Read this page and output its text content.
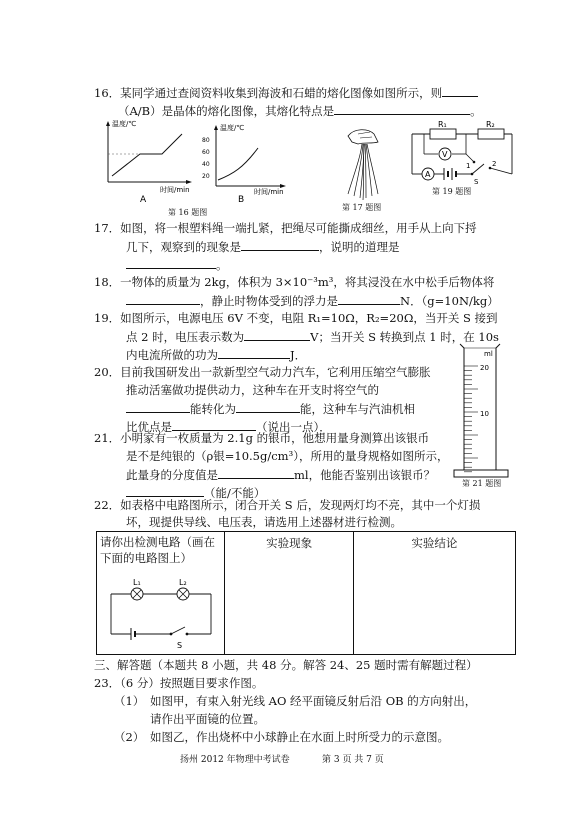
16．某同学通过查阅资料收集到海波和石蜡的熔化图像如图所示，则
（A/B）是晶体的熔化图像，其熔化特点是	。
温度/℃
时间/min
A
温度/℃
80
60
40
20
时间/min
B
第 16 题图
第 17 题图
R₁	R₂
V
A
1	2
S
第 19 题图
17．如图，将一根塑料绳一端扎紧，把绳尽可能撕成细丝，用手从上向下捋
几下，观察到的现象是	，说明的道理是
。
18．一物体的质量为 2kg，体积为 3×10⁻³m³，将其浸没在水中松手后物体将
，静止时物体受到的浮力是	N．（g=10N/kg）
19．如图所示，电源电压 6V 不变，电阻 R₁=10Ω，R₂=20Ω，当开关 S 接到
点 2 时，电压表示数为	V；当开关 S 转换到点 1 时，在 10s
内电流所做的功为	J．
20．目前我国研发出一款新型空气动力汽车，它利用压缩空气膨胀
推动活塞做功提供动力，这种车在开支时将空气的
能转化为	能，这种车与汽油机相
比优点是	（说出一点）．
ml
20
10
第 21 题图
21．小明家有一枚质量为 2.1g 的银币，他想用量身测算出该银币
是不是纯银的（ρ银=10.5g/cm³），所用的量身规格如图所示，
此量身的分度值是	ml，他能否鉴别出该银币？
（能/不能）
22．如表格中电路图所示，闭合开关 S 后，发现两灯均不亮，其中一个灯损
坏，现提供导线、电压表，请选用上述器材进行检测。
请你出检测电路（画在
下面的电路图上）
L₁	L₂
S

实验现象	实验结论
三、解答题（本题共 8 小题，共 48 分。解答 24、25 题时需有解题过程）
23．（6 分）按照题目要求作图。
（1） 如图甲，有束入射光线 AO 经平面镜反射后沿 OB 的方向射出，
请作出平面镜的位置。
（2） 如图乙，作出烧杯中小球静止在水面上时所受力的示意图。
扬州 2012 年物理中考试卷	第 3 页 共 7 页
